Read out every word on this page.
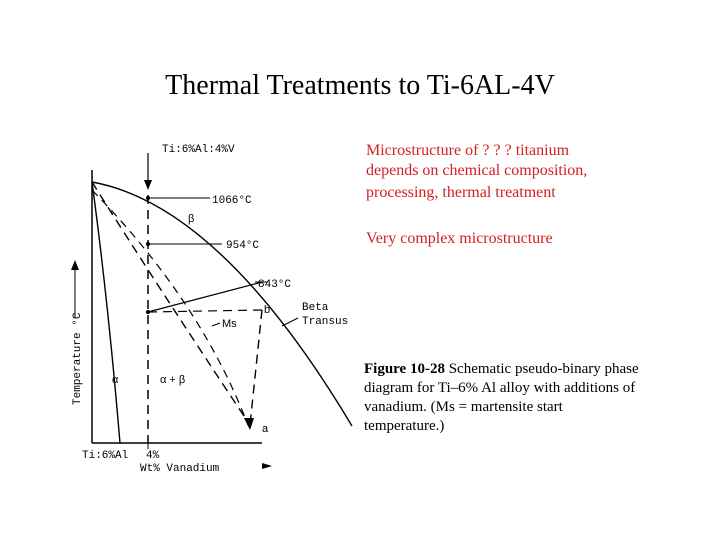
Thermal Treatments to Ti-6AL-4V
Microstructure of ? ? ? titanium
depends on chemical composition,
processing, thermal treatment
Very complex microstructure
Figure 10-28 Schematic pseudo-binary phase diagram for Ti–6% Al alloy with additions of vanadium. (Ms = martensite start temperature.)
Ti:6%Al:4%V
1066°C
954°C
843°C
β
α	α + β
Ms
b
a
Beta
Transus
Temperature °C
Ti:6%Al 4%
Wt% Vanadium
